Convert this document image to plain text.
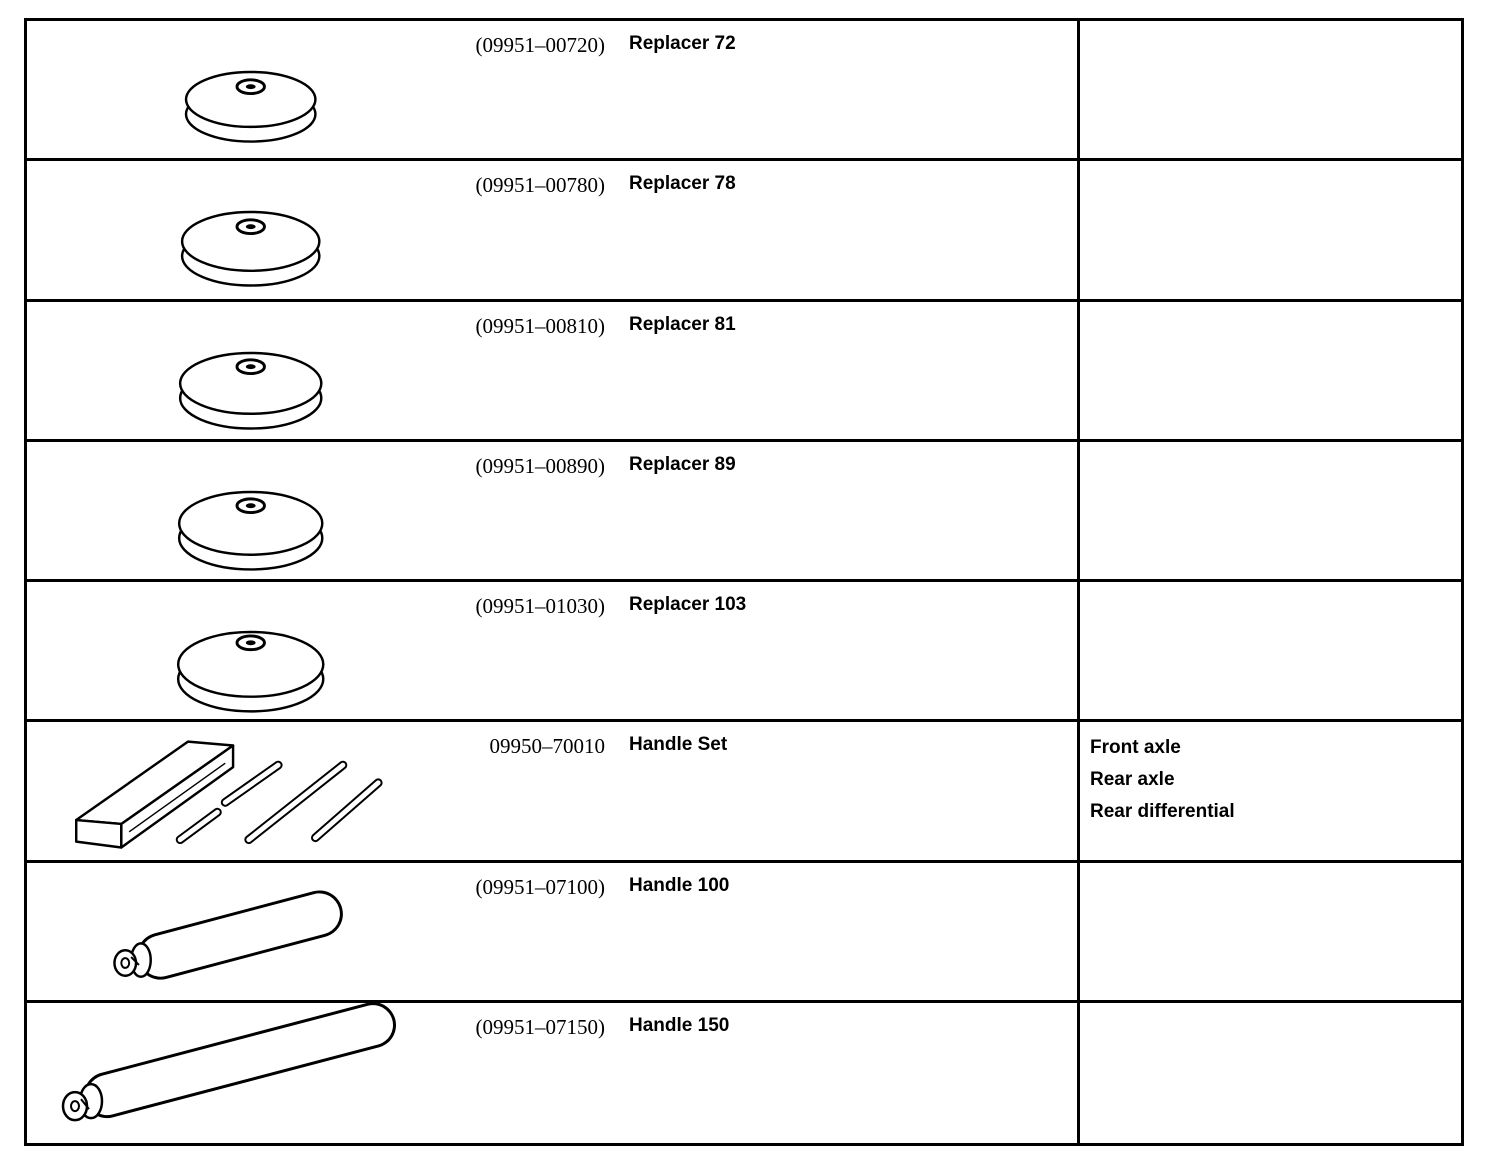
(09951–00720) Replacer 72
(09951–00780) Replacer 78
(09951–00810) Replacer 81
(09951–00890) Replacer 89
(09951–01030) Replacer 103
09950–70010 Handle Set	Front axle
Rear axle
Rear differential
(09951–07100) Handle 100
(09951–07150) Handle 150
